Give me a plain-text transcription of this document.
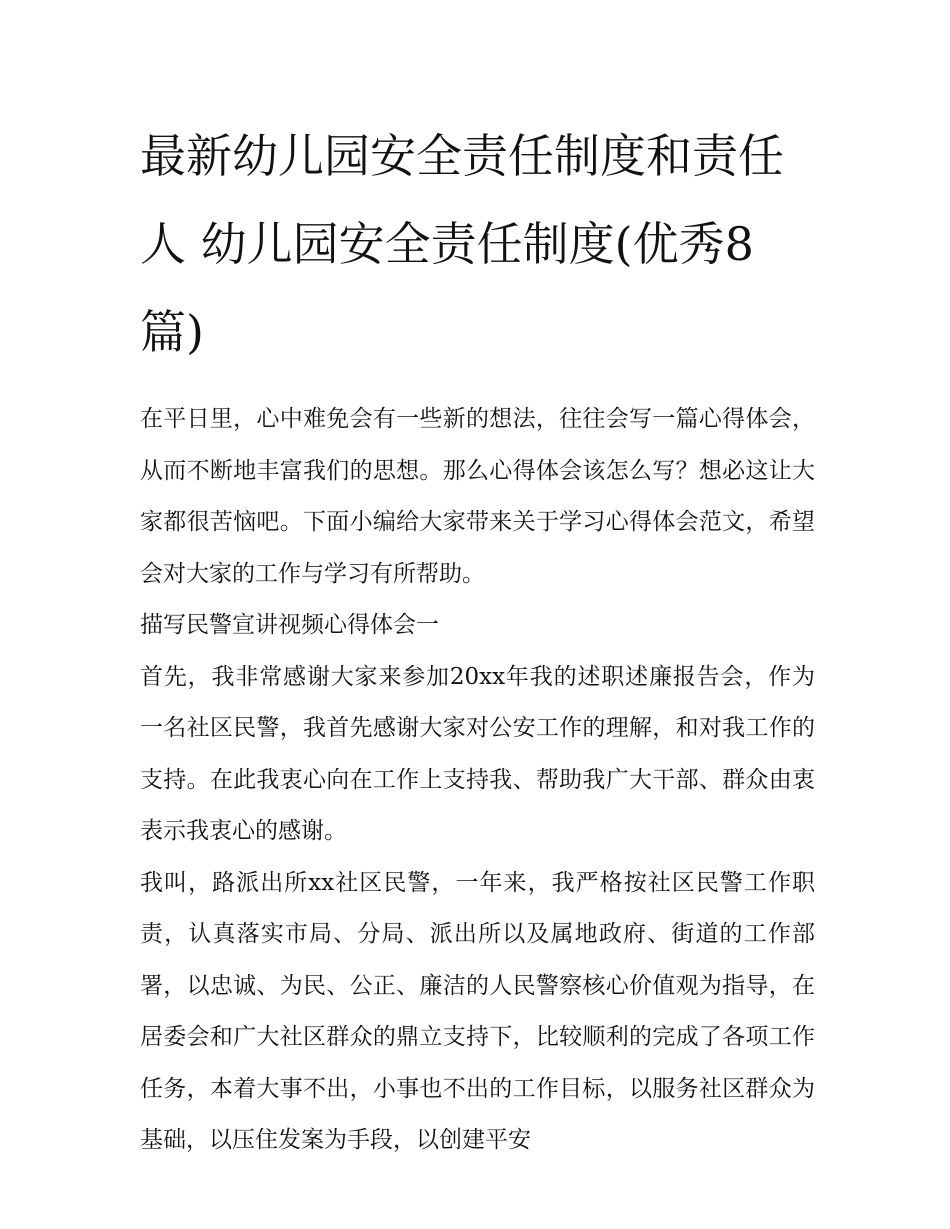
最新幼儿园安全责任制度和责任人 幼儿园安全责任制度(优秀8篇)

在平日里，心中难免会有一些新的想法，往往会写一篇心得体会，从而不断地丰富我们的思想。那么心得体会该怎么写？想必这让大家都很苦恼吧。下面小编给大家带来关于学习心得体会范文，希望会对大家的工作与学习有所帮助。

描写民警宣讲视频心得体会一

首先，我非常感谢大家来参加20xx年我的述职述廉报告会，作为一名社区民警，我首先感谢大家对公安工作的理解，和对我工作的支持。在此我衷心向在工作上支持我、帮助我广大干部、群众由衷表示我衷心的感谢。

我叫，路派出所xx社区民警，一年来，我严格按社区民警工作职责，认真落实市局、分局、派出所以及属地政府、街道的工作部署，以忠诚、为民、公正、廉洁的人民警察核心价值观为指导，在居委会和广大社区群众的鼎立支持下，比较顺利的完成了各项工作任务，本着大事不出，小事也不出的工作目标，以服务社区群众为基础，以压住发案为手段，以创建平安
